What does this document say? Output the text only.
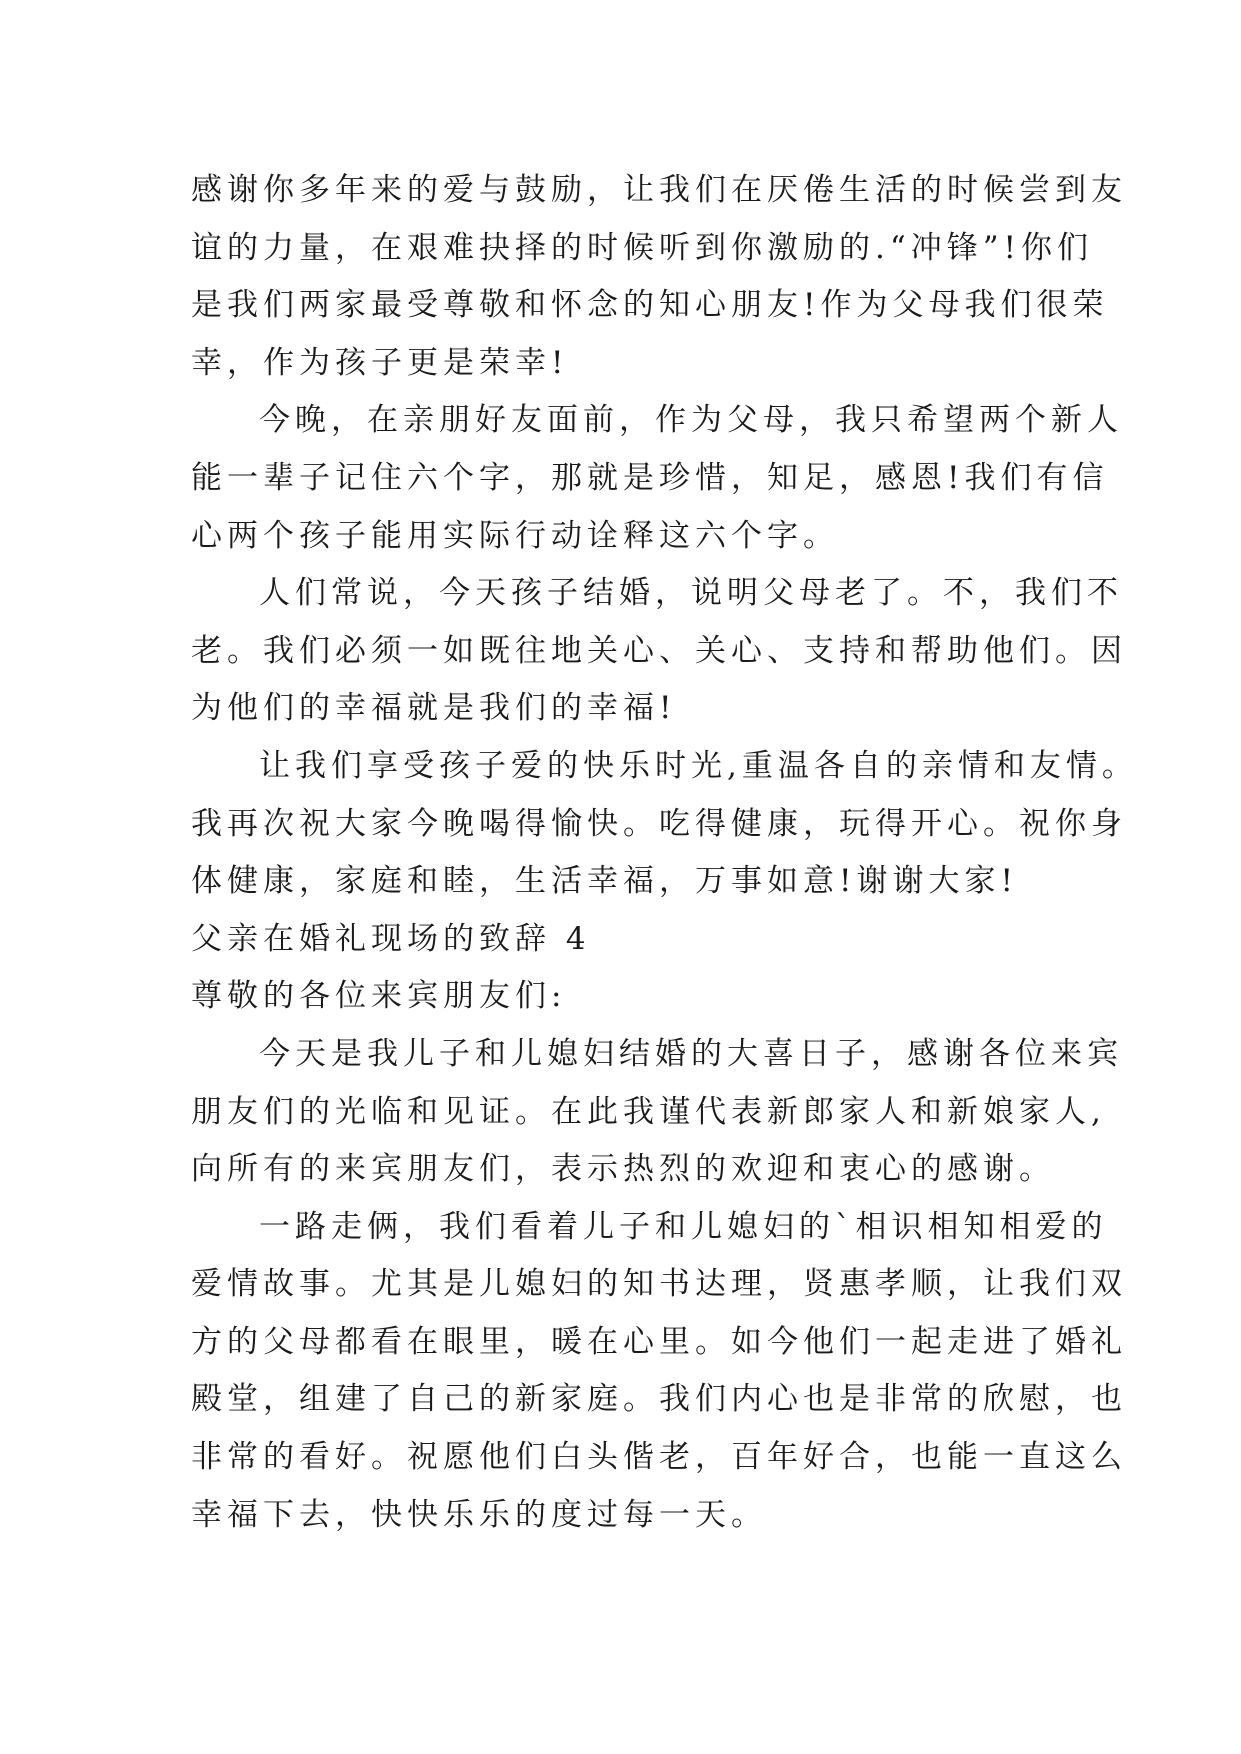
感谢你多年来的爱与鼓励，让我们在厌倦生活的时候尝到友
谊的力量，在艰难抉择的时候听到你激励的.“冲锋”!你们
是我们两家最受尊敬和怀念的知心朋友!作为父母我们很荣
幸，作为孩子更是荣幸!
今晚，在亲朋好友面前，作为父母，我只希望两个新人
能一辈子记住六个字，那就是珍惜，知足，感恩!我们有信
心两个孩子能用实际行动诠释这六个字。
人们常说，今天孩子结婚，说明父母老了。不，我们不
老。我们必须一如既往地关心、关心、支持和帮助他们。因
为他们的幸福就是我们的幸福!
让我们享受孩子爱的快乐时光,重温各自的亲情和友情。
我再次祝大家今晚喝得愉快。吃得健康，玩得开心。祝你身
体健康，家庭和睦，生活幸福，万事如意!谢谢大家!
父亲在婚礼现场的致辞 4
尊敬的各位来宾朋友们:
今天是我儿子和儿媳妇结婚的大喜日子，感谢各位来宾
朋友们的光临和见证。在此我谨代表新郎家人和新娘家人,
向所有的来宾朋友们，表示热烈的欢迎和衷心的感谢。
一路走俩，我们看着儿子和儿媳妇的`相识相知相爱的
爱情故事。尤其是儿媳妇的知书达理，贤惠孝顺，让我们双
方的父母都看在眼里，暖在心里。如今他们一起走进了婚礼
殿堂，组建了自己的新家庭。我们内心也是非常的欣慰，也
非常的看好。祝愿他们白头偕老，百年好合，也能一直这么
幸福下去，快快乐乐的度过每一天。
